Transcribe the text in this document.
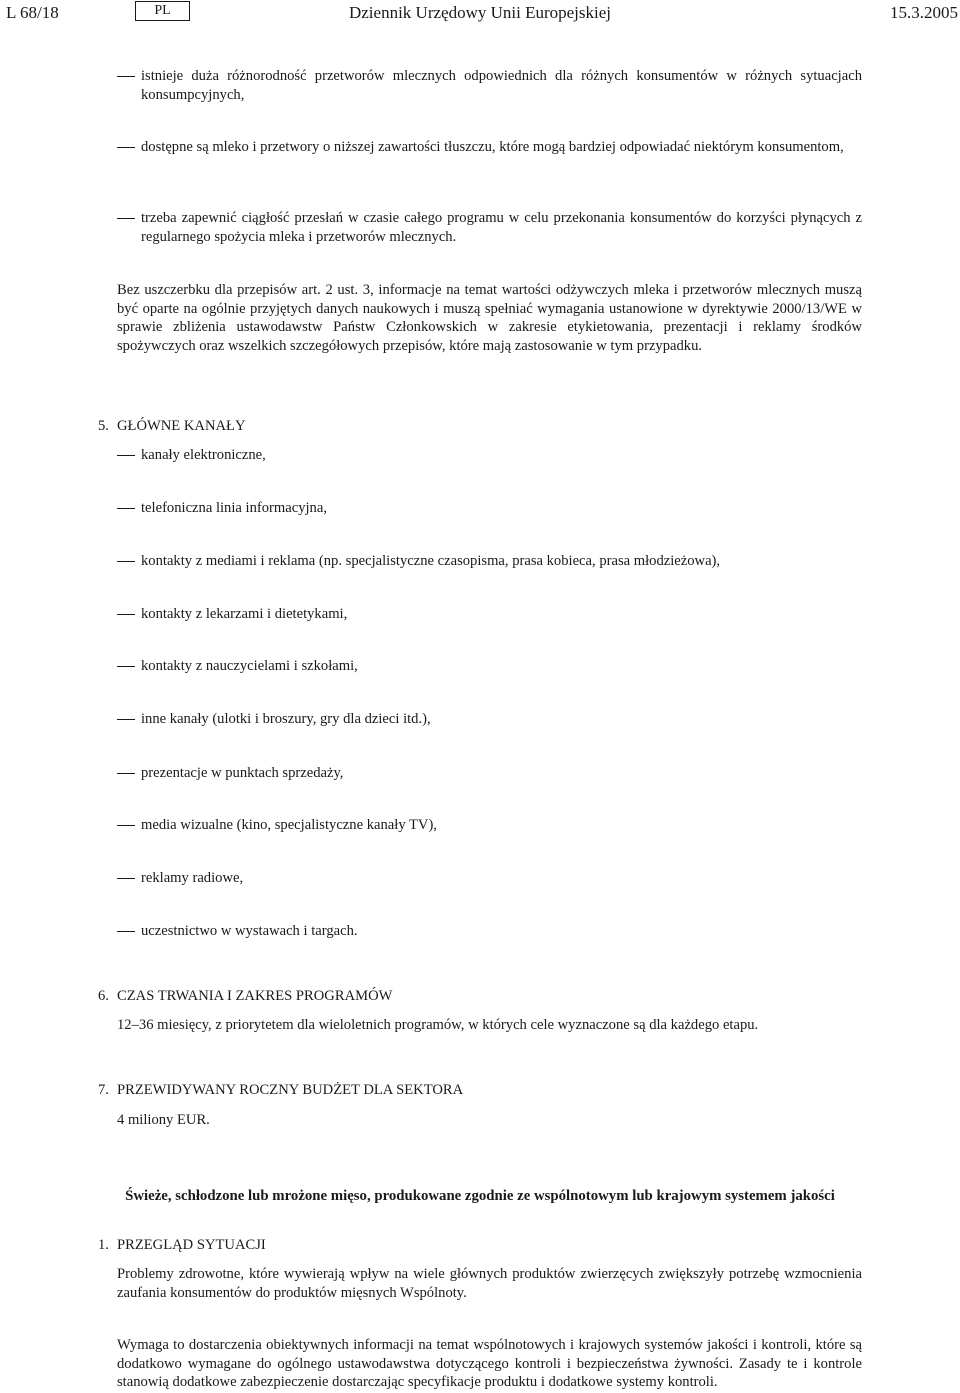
L 68/18	PL	Dziennik Urzędowy Unii Europejskiej	15.3.2005
istnieje duża różnorodność przetworów mlecznych odpowiednich dla różnych konsumentów w różnych sytuacjach konsumpcyjnych,
dostępne są mleko i przetwory o niższej zawartości tłuszczu, które mogą bardziej odpowiadać niektórym konsumentom,
trzeba zapewnić ciągłość przesłań w czasie całego programu w celu przekonania konsumentów do korzyści płynących z regularnego spożycia mleka i przetworów mlecznych.
Bez uszczerbku dla przepisów art. 2 ust. 3, informacje na temat wartości odżywczych mleka i przetworów mlecznych muszą być oparte na ogólnie przyjętych danych naukowych i muszą spełniać wymagania ustanowione w dyrektywie 2000/13/WE w sprawie zbliżenia ustawodawstw Państw Członkowskich w zakresie etykietowania, prezentacji i reklamy środków spożywczych oraz wszelkich szczegółowych przepisów, które mają zastosowanie w tym przypadku.
5. GŁÓWNE KANAŁY
kanały elektroniczne,
telefoniczna linia informacyjna,
kontakty z mediami i reklama (np. specjalistyczne czasopisma, prasa kobieca, prasa młodzieżowa),
kontakty z lekarzami i dietetykami,
kontakty z nauczycielami i szkołami,
inne kanały (ulotki i broszury, gry dla dzieci itd.),
prezentacje w punktach sprzedaży,
media wizualne (kino, specjalistyczne kanały TV),
reklamy radiowe,
uczestnictwo w wystawach i targach.
6. CZAS TRWANIA I ZAKRES PROGRAMÓW
12–36 miesięcy, z priorytetem dla wieloletnich programów, w których cele wyznaczone są dla każdego etapu.
7. PRZEWIDYWANY ROCZNY BUDŻET DLA SEKTORA
4 miliony EUR.
Świeże, schłodzone lub mrożone mięso, produkowane zgodnie ze wspólnotowym lub krajowym systemem jakości
1. PRZEGLĄD SYTUACJI
Problemy zdrowotne, które wywierają wpływ na wiele głównych produktów zwierzęcych zwiększyły potrzebę wzmocnienia zaufania konsumentów do produktów mięsnych Wspólnoty.
Wymaga to dostarczenia obiektywnych informacji na temat wspólnotowych i krajowych systemów jakości i kontroli, które są dodatkowo wymagane do ogólnego ustawodawstwa dotyczącego kontroli i bezpieczeństwa żywności. Zasady te i kontrole stanowią dodatkowe zabezpieczenie dostarczając specyfikacje produktu i dodatkowe systemy kontroli.
